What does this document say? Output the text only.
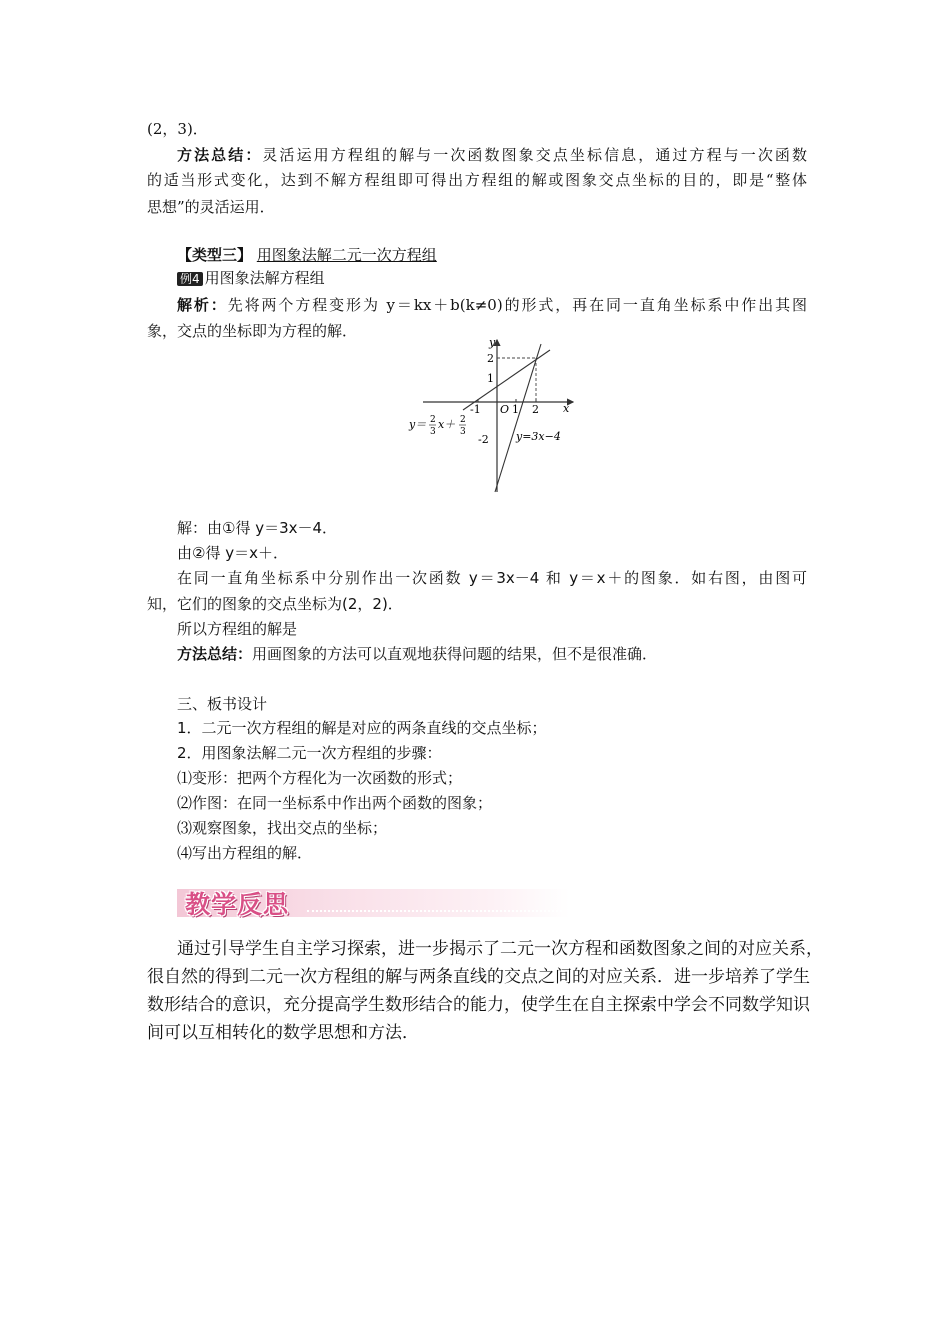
(2，3)．
方法总结：灵活运用方程组的解与一次函数图象交点坐标信息，通过方程与一次函数
的适当形式变化，达到不解方程组即可得出方程组的解或图象交点坐标的目的，即是“整体
思想”的灵活运用．
【类型三】 用图象法解二元一次方程组
例4 用图象法解方程组
解析：先将两个方程变形为 y＝kx＋b(k≠0)的形式，再在同一直角坐标系中作出其图
象，交点的坐标即为方程的解．
y
x
O
-1	1 2
2
1
-2
y＝ 2
3
x＋ 2
3	y=3x−4
解：由①得 y＝3x－4．
由②得 y＝x＋．
在同一直角坐标系中分别作出一次函数 y＝3x－4 和 y＝x＋的图象．如右图，由图可
知，它们的图象的交点坐标为(2，2)．
所以方程组的解是
方法总结：用画图象的方法可以直观地获得问题的结果，但不是很准确．
三、板书设计
1．二元一次方程组的解是对应的两条直线的交点坐标；
2．用图象法解二元一次方程组的步骤：
⑴变形：把两个方程化为一次函数的形式；
⑵作图：在同一坐标系中作出两个函数的图象；
⑶观察图象，找出交点的坐标；
⑷写出方程组的解．
教学反思
通过引导学生自主学习探索，进一步揭示了二元一次方程和函数图象之间的对应关系，
很自然的得到二元一次方程组的解与两条直线的交点之间的对应关系．进一步培养了学生
数形结合的意识，充分提高学生数形结合的能力，使学生在自主探索中学会不同数学知识
间可以互相转化的数学思想和方法．
